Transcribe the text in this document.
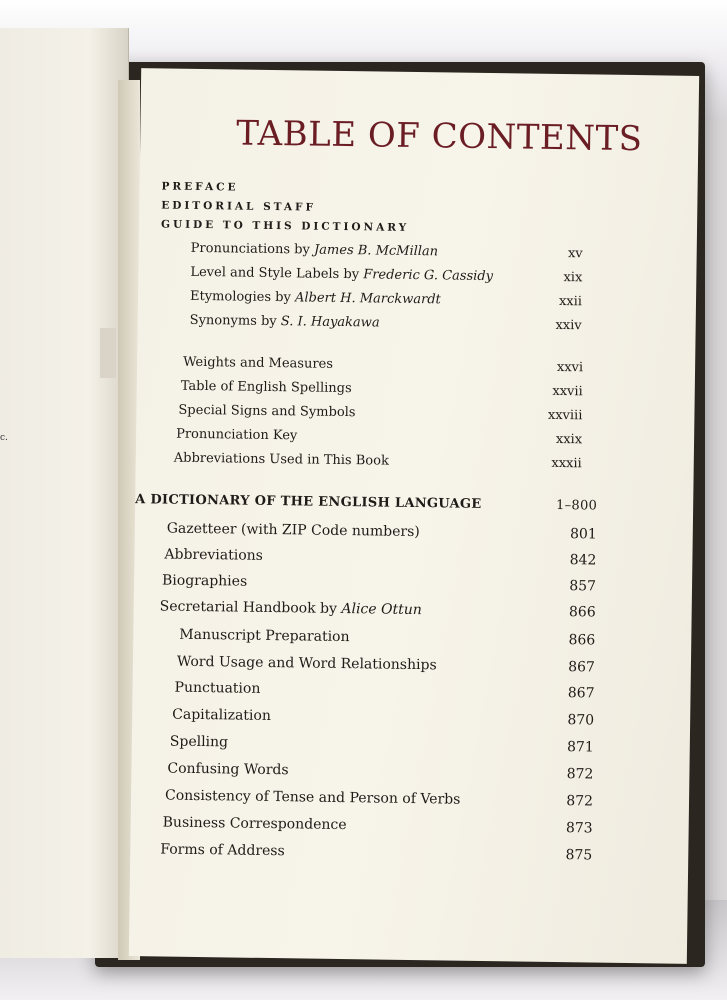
c.
TABLE OF CONTENTS
PREFACE
EDITORIAL STAFF
GUIDE TO THIS DICTIONARY
Pronunciations by James B. McMillan	xv
Level and Style Labels by Frederic G. Cassidy	xix
Etymologies by Albert H. Marckwardt	xxii
Synonyms by S. I. Hayakawa	xxiv
Weights and Measures	xxvi
Table of English Spellings	xxvii
Special Signs and Symbols	xxviii
Pronunciation Key	xxix
Abbreviations Used in This Book	xxxii
A DICTIONARY OF THE ENGLISH LANGUAGE	1–800
Gazetteer (with ZIP Code numbers)	801
Abbreviations	842
Biographies	857
Secretarial Handbook by Alice Ottun	866
Manuscript Preparation	866
Word Usage and Word Relationships	867
Punctuation	867
Capitalization	870
Spelling	871
Confusing Words	872
Consistency of Tense and Person of Verbs	872
Business Correspondence	873
Forms of Address	875
